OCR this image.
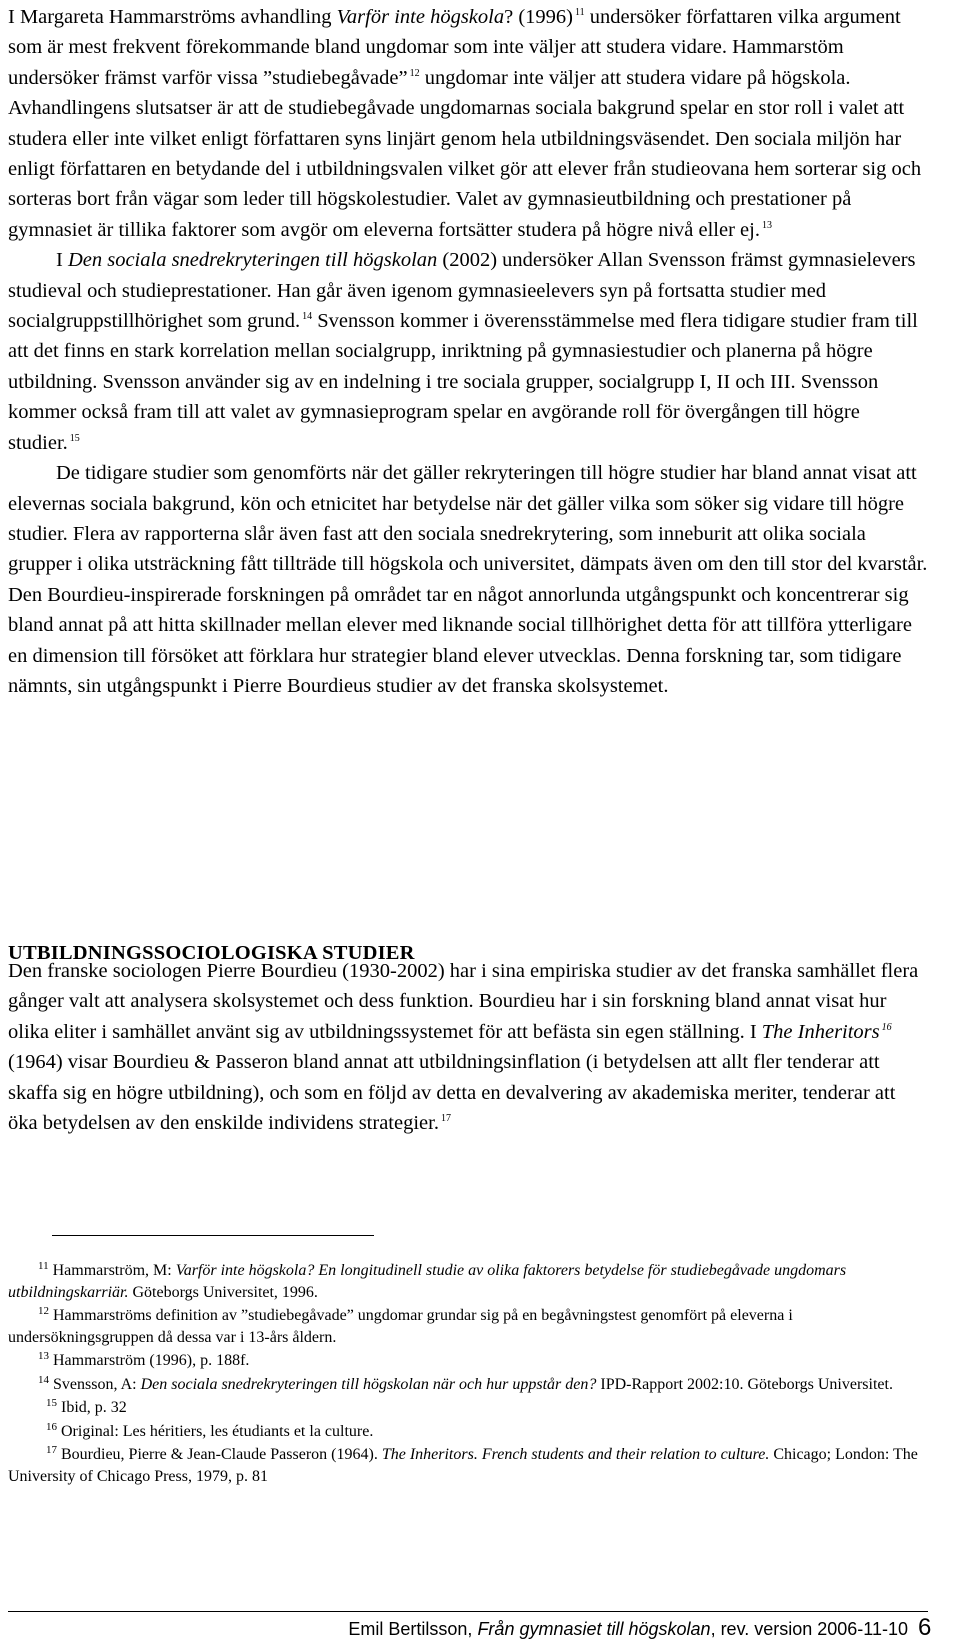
I Margareta Hammarströms avhandling Varför inte högskola? (1996) $^{11}$ undersöker författaren vilka argument som är mest frekvent förekommande bland ungdomar som inte väljer att studera vidare. Hammarstöm undersöker främst varför vissa ”studiebegåvade” $^{12}$ ungdomar inte väljer att studera vidare på högskola. Avhandlingens slutsatser är att de studiebegåvade ungdomarnas sociala bakgrund spelar en stor roll i valet att studera eller inte vilket enligt författaren syns linjärt genom hela utbildningsväsendet. Den sociala miljön har enligt författaren en betydande del i utbildningsvalen vilket gör att elever från studieovana hem sorterar sig och sorteras bort från vägar som leder till högskolestudier. Valet av gymnasieutbildning och prestationer på gymnasiet är tillika faktorer som avgör om eleverna fortsätter studera på högre nivå eller ej. $^{13}$

I Den sociala snedrekryteringen till högskolan (2002) undersöker Allan Svensson främst gymnasielevers studieval och studieprestationer. Han går även igenom gymnasieelevers syn på fortsatta studier med socialgruppstillhörighet som grund. $^{14}$ Svensson kommer i överensstämmelse med flera tidigare studier fram till att det finns en stark korrelation mellan socialgrupp, inriktning på gymnasiestudier och planerna på högre utbildning. Svensson använder sig av en indelning i tre sociala grupper, socialgrupp I, II och III. Svensson kommer också fram till att valet av gymnasieprogram spelar en avgörande roll för övergången till högre studier. $^{15}$

De tidigare studier som genomförts när det gäller rekryteringen till högre studier har bland annat visat att elevernas sociala bakgrund, kön och etnicitet har betydelse när det gäller vilka som söker sig vidare till högre studier. Flera av rapporterna slår även fast att den sociala snedrekrytering, som inneburit att olika sociala grupper i olika utsträckning fått tillträde till högskola och universitet, dämpats även om den till stor del kvarstår. Den Bourdieu-inspirerade forskningen på området tar en något annorlunda utgångspunkt och koncentrerar sig bland annat på att hitta skillnader mellan elever med liknande social tillhörighet detta för att tillföra ytterligare en dimension till försöket att förklara hur strategier bland elever utvecklas. Denna forskning tar, som tidigare nämnts, sin utgångspunkt i Pierre Bourdieus studier av det franska skolsystemet.

UTBILDNINGSSOCIOLOGISKA STUDIER

Den franske sociologen Pierre Bourdieu (1930-2002) har i sina empiriska studier av det franska samhället flera gånger valt att analysera skolsystemet och dess funktion. Bourdieu har i sin forskning bland annat visat hur olika eliter i samhället använt sig av utbildningssystemet för att befästa sin egen ställning. I The Inheritors $^{16}$ (1964) visar Bourdieu & Passeron bland annat att utbildningsinflation (i betydelsen att allt fler tenderar att skaffa sig en högre utbildning), och som en följd av detta en devalvering av akademiska meriter, tenderar att öka betydelsen av den enskilde individens strategier. $^{17}$

$^{11}$ Hammarström, M: Varför inte högskola? En longitudinell studie av olika faktorers betydelse för studiebegåvade ungdomars utbildningskarriär. Göteborgs Universitet, 1996.

$^{12}$ Hammarströms definition av ”studiebegåvade” ungdomar grundar sig på en begåvningstest genomfört på eleverna i undersökningsgruppen då dessa var i 13-års åldern.

$^{13}$ Hammarström (1996), p. 188f.

$^{14}$ Svensson, A: Den sociala snedrekryteringen till högskolan när och hur uppstår den? IPD-Rapport 2002:10. Göteborgs Universitet.

$^{15}$ Ibid, p. 32

$^{16}$ Original: Les héritiers, les étudiants et la culture.

$^{17}$ Bourdieu, Pierre & Jean-Claude Passeron (1964). The Inheritors. French students and their relation to culture. Chicago; London: The University of Chicago Press, 1979, p. 81

Emil Bertilsson, Från gymnasiet till högskolan, rev. version 2006-11-10 6
